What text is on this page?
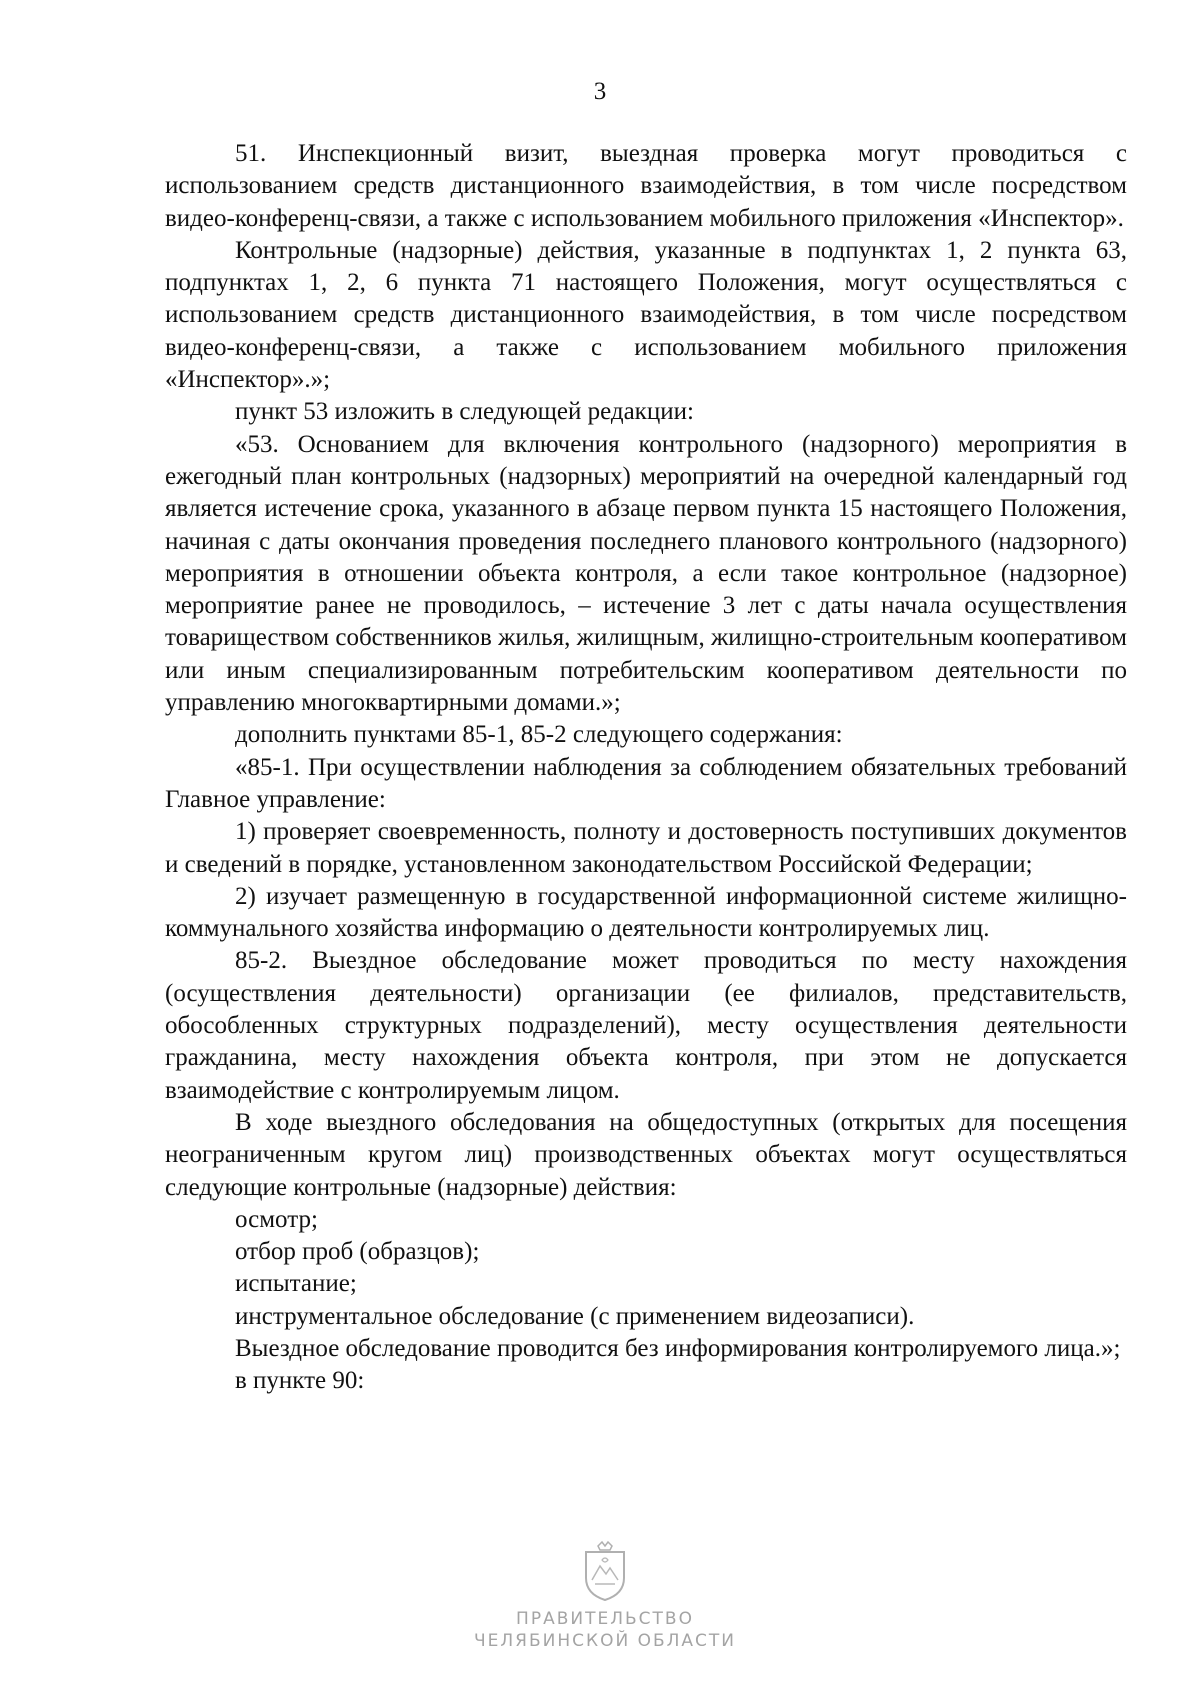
3

51. Инспекционный визит, выездная проверка могут проводиться с использованием средств дистанционного взаимодействия, в том числе посредством видео-конференц-связи, а также с использованием мобильного приложения «Инспектор».

Контрольные (надзорные) действия, указанные в подпунктах 1, 2 пункта 63, подпунктах 1, 2, 6 пункта 71 настоящего Положения, могут осуществляться с использованием средств дистанционного взаимодействия, в том числе посредством видео-конференц-связи, а также с использованием мобильного приложения «Инспектор».»;

пункт 53 изложить в следующей редакции:

«53. Основанием для включения контрольного (надзорного) мероприятия в ежегодный план контрольных (надзорных) мероприятий на очередной календарный год является истечение срока, указанного в абзаце первом пункта 15 настоящего Положения, начиная с даты окончания проведения последнего планового контрольного (надзорного) мероприятия в отношении объекта контроля, а если такое контрольное (надзорное) мероприятие ранее не проводилось, – истечение 3 лет с даты начала осуществления товариществом собственников жилья, жилищным, жилищно-строительным кооперативом или иным специализированным потребительским кооперативом деятельности по управлению многоквартирными домами.»;

дополнить пунктами 85-1, 85-2 следующего содержания:

«85-1. При осуществлении наблюдения за соблюдением обязательных требований Главное управление:

1) проверяет своевременность, полноту и достоверность поступивших документов и сведений в порядке, установленном законодательством Российской Федерации;

2) изучает размещенную в государственной информационной системе жилищно-коммунального хозяйства информацию о деятельности контролируемых лиц.

85-2. Выездное обследование может проводиться по месту нахождения (осуществления деятельности) организации (ее филиалов, представительств, обособленных структурных подразделений), месту осуществления деятельности гражданина, месту нахождения объекта контроля, при этом не допускается взаимодействие с контролируемым лицом.

В ходе выездного обследования на общедоступных (открытых для посещения неограниченным кругом лиц) производственных объектах могут осуществляться следующие контрольные (надзорные) действия:

осмотр;

отбор проб (образцов);

испытание;

инструментальное обследование (с применением видеозаписи).

Выездное обследование проводится без информирования контролируемого лица.»;

в пункте 90:

ПРАВИТЕЛЬСТВО
ЧЕЛЯБИНСКОЙ ОБЛАСТИ
